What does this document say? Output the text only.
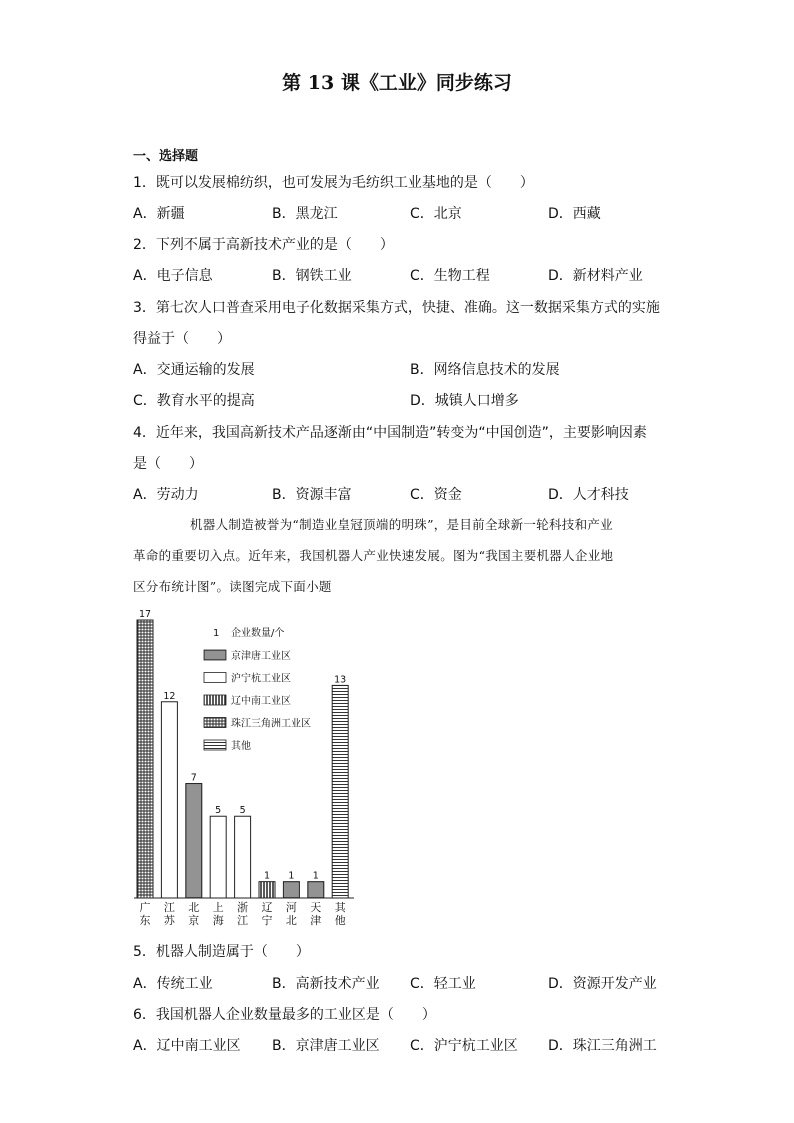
第 13 课《工业》同步练习
一、选择题
1．既可以发展棉纺织，也可发展为毛纺织工业基地的是（　　）
A．新疆	B．黑龙江	C．北京	D．西藏
2．下列不属于高新技术产业的是（　　）
A．电子信息	B．钢铁工业	C．生物工程	D．新材料产业
3．第七次人口普查采用电子化数据采集方式，快捷、准确。这一数据采集方式的实施
得益于（　　）
A．交通运输的发展	B．网络信息技术的发展
C．教育水平的提高	D．城镇人口增多
4．近年来，我国高新技术产品逐渐由“中国制造”转变为“中国创造”，主要影响因素
是（　　）
A．劳动力	B．资源丰富	C．资金	D．人才科技
机器人制造被誉为“制造业皇冠顶端的明珠”，是目前全球新一轮科技和产业
革命的重要切入点。近年来，我国机器人产业快速发展。图为“我国主要机器人企业地
区分布统计图”。读图完成下面小题
17
广
东
12
江
苏
7
北
京
5
上
海
5
浙
江
1
辽
宁
1
河
北
1
天
津
13
其
他
1 企业数量/个
京津唐工业区
沪宁杭工业区
辽中南工业区
珠江三角洲工业区
其他
5．机器人制造属于（　　）
A．传统工业	B．高新技术产业 C．轻工业	D．资源开发产业
6．我国机器人企业数量最多的工业区是（　　）
A．辽中南工业区 B．京津唐工业区 C．沪宁杭工业区 D．珠江三角洲工
